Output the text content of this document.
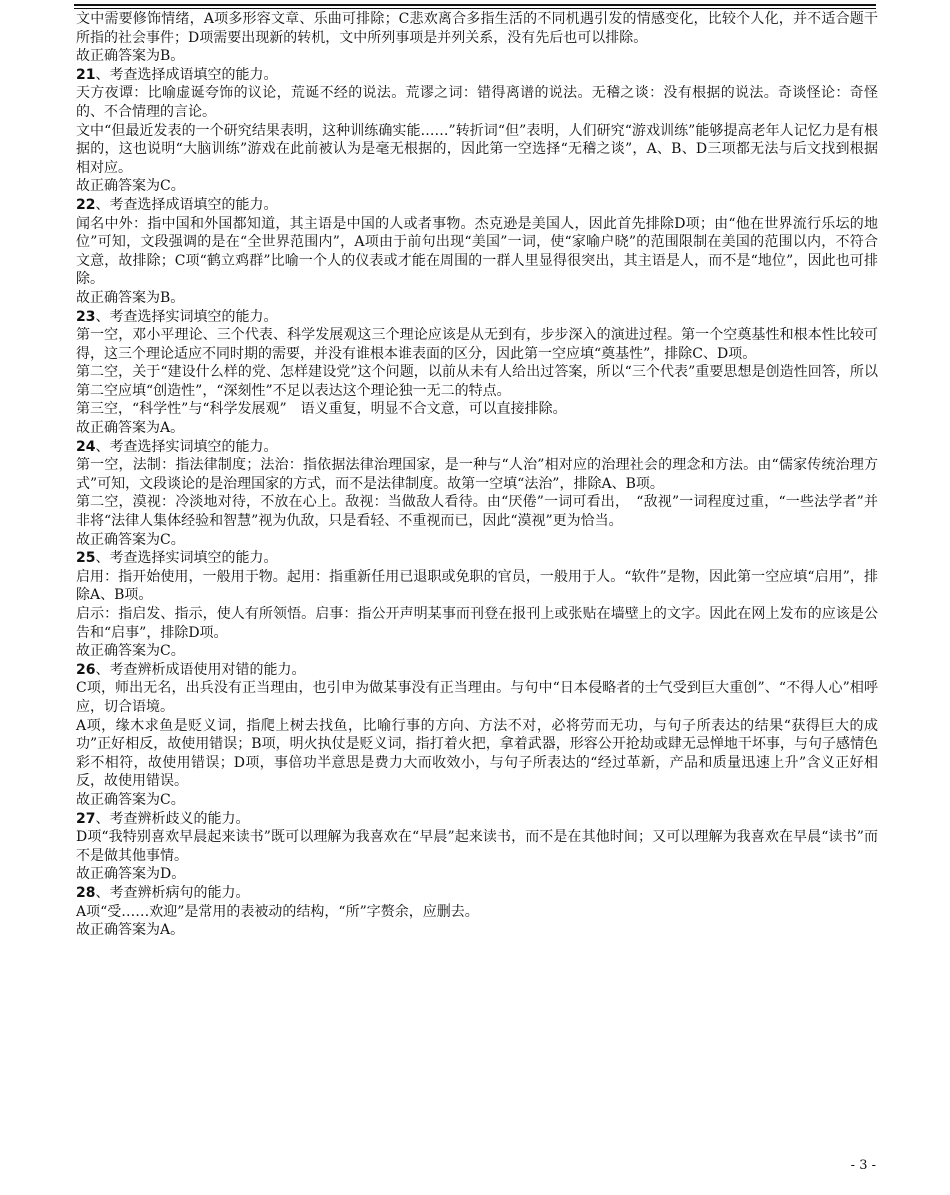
文中需要修饰情绪，A项多形容文章、乐曲可排除；C悲欢离合多指生活的不同机遇引发的情感变化，比较个人化，并不适合题干所指的社会事件；D项需要出现新的转机，文中所列事项是并列关系，没有先后也可以排除。

故正确答案为B。

21、考查选择成语填空的能力。

天方夜谭：比喻虚诞夸饰的议论，荒诞不经的说法。荒谬之词：错得离谱的说法。无稽之谈：没有根据的说法。奇谈怪论：奇怪的、不合情理的言论。

文中“但最近发表的一个研究结果表明，这种训练确实能……”转折词“但”表明，人们研究“游戏训练”能够提高老年人记忆力是有根据的，这也说明“大脑训练”游戏在此前被认为是毫无根据的，因此第一空选择“无稽之谈”，A、B、D三项都无法与后文找到根据相对应。

故正确答案为C。

22、考查选择成语填空的能力。

闻名中外：指中国和外国都知道，其主语是中国的人或者事物。杰克逊是美国人，因此首先排除D项；由“他在世界流行乐坛的地位”可知，文段强调的是在“全世界范围内”，A项由于前句出现“美国”一词，使“家喻户晓”的范围限制在美国的范围以内，不符合文意，故排除；C项“鹤立鸡群”比喻一个人的仪表或才能在周围的一群人里显得很突出，其主语是人，而不是“地位”，因此也可排除。

故正确答案为B。

23、考查选择实词填空的能力。

第一空，邓小平理论、三个代表、科学发展观这三个理论应该是从无到有，步步深入的演进过程。第一个空奠基性和根本性比较可得，这三个理论适应不同时期的需要，并没有谁根本谁表面的区分，因此第一空应填“奠基性”，排除C、D项。

第二空，关于“建设什么样的党、怎样建设党”这个问题，以前从未有人给出过答案，所以“三个代表”重要思想是创造性回答，所以第二空应填“创造性”，“深刻性”不足以表达这个理论独一无二的特点。

第三空，“科学性”与“科学发展观”　语义重复，明显不合文意，可以直接排除。

故正确答案为A。

24、考查选择实词填空的能力。

第一空，法制：指法律制度；法治：指依据法律治理国家，是一种与“人治”相对应的治理社会的理念和方法。由“儒家传统治理方式”可知，文段谈论的是治理国家的方式，而不是法律制度。故第一空填“法治”，排除A、B项。

第二空，漠视：冷淡地对待，不放在心上。敌视：当做敌人看待。由“厌倦”一词可看出，　“敌视”一词程度过重，“一些法学者”并非将“法律人集体经验和智慧”视为仇敌，只是看轻、不重视而已，因此“漠视”更为恰当。

故正确答案为C。

25、考查选择实词填空的能力。

启用：指开始使用，一般用于物。起用：指重新任用已退职或免职的官员，一般用于人。“软件”是物，因此第一空应填“启用”，排除A、B项。

启示：指启发、指示，使人有所领悟。启事：指公开声明某事而刊登在报刊上或张贴在墙壁上的文字。因此在网上发布的应该是公告和“启事”，排除D项。

故正确答案为C。

26、考查辨析成语使用对错的能力。

C项，师出无名，出兵没有正当理由，也引申为做某事没有正当理由。与句中“日本侵略者的士气受到巨大重创”、“不得人心”相呼应，切合语境。

A项，缘木求鱼是贬义词，指爬上树去找鱼，比喻行事的方向、方法不对，必将劳而无功，与句子所表达的结果“获得巨大的成功”正好相反，故使用错误；B项，明火执仗是贬义词，指打着火把，拿着武器，形容公开抢劫或肆无忌惮地干坏事，与句子感情色彩不相符，故使用错误；D项，事倍功半意思是费力大而收效小，与句子所表达的“经过革新，产品和质量迅速上升”含义正好相反，故使用错误。

故正确答案为C。

27、考查辨析歧义的能力。

D项“我特别喜欢早晨起来读书”既可以理解为我喜欢在“早晨”起来读书，而不是在其他时间；又可以理解为我喜欢在早晨“读书”而不是做其他事情。

故正确答案为D。

28、考查辨析病句的能力。

A项“受……欢迎”是常用的表被动的结构，“所”字赘余，应删去。

故正确答案为A。

- 3 -
